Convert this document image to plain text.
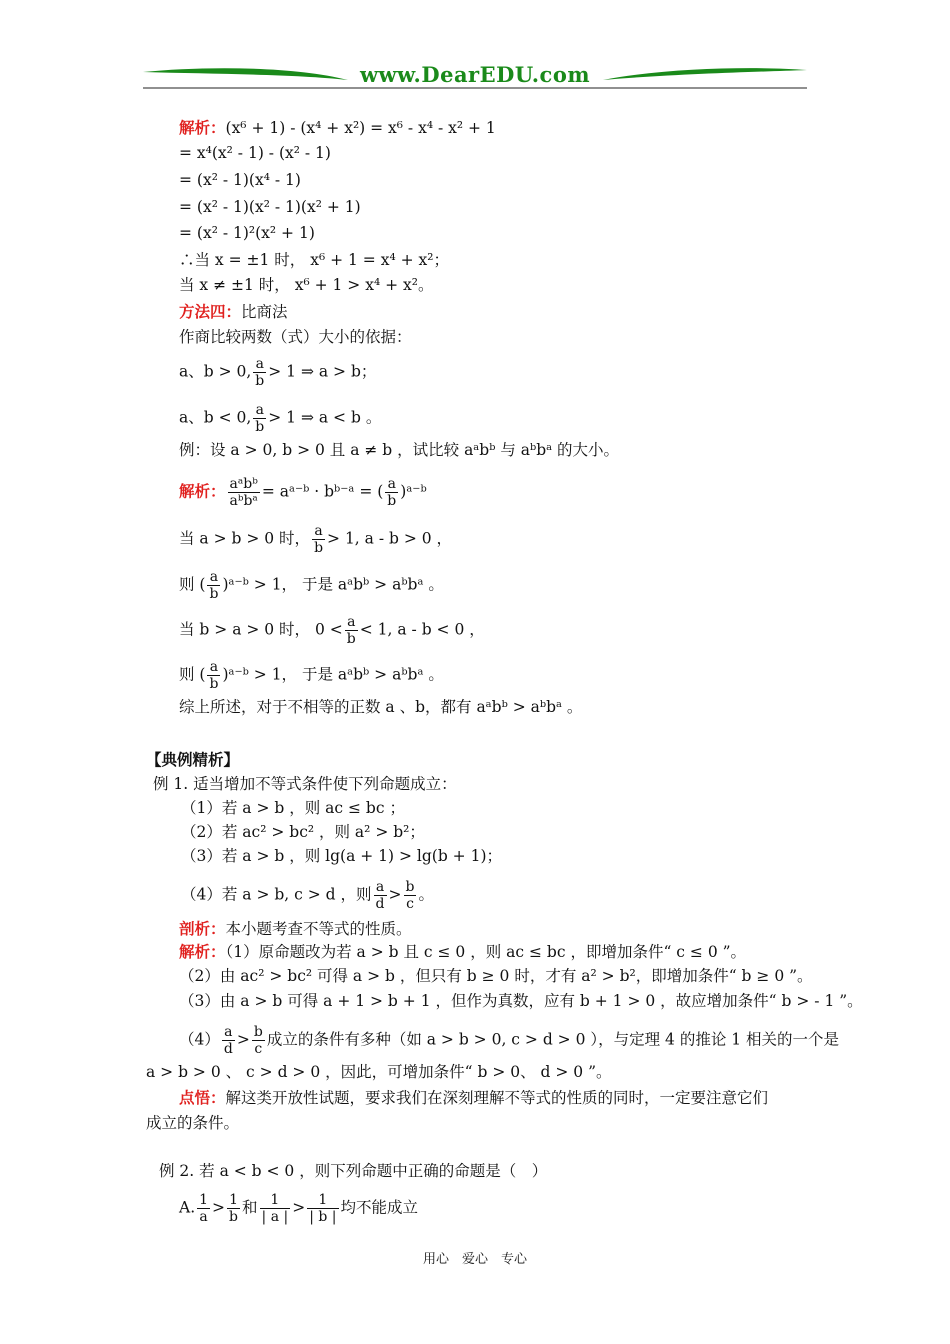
www.DearEDU.com
解析：(x⁶ + 1) - (x⁴ + x²) = x⁶ - x⁴ - x² + 1
= x⁴(x² - 1) - (x² - 1)
= (x² - 1)(x⁴ - 1)
= (x² - 1)(x² - 1)(x² + 1)
= (x² - 1)²(x² + 1)
∴当 x = ±1 时， x⁶ + 1 = x⁴ + x²；
当 x ≠ ±1 时， x⁶ + 1 > x⁴ + x²。
方法四：比商法
作商比较两数（式）大小的依据：
a、b > 0, $\frac{a}{b} > 1$ ⇒ a > b；
a、b < 0, $\frac{a}{b} > 1$ ⇒ a < b 。
例：设 a > 0, b > 0 且 a ≠ b ，试比较 aᵃbᵇ 与 aᵇbᵃ 的大小。
解析： $\frac{\text{aᵃbᵇ}}{\text{aᵇbᵃ}}$ = aᵃ⁻ᵇ · bᵇ⁻ᵃ = ( $\frac{a}{b}$ )ᵃ⁻ᵇ
当 a > b > 0 时， $\frac{a}{b} > 1$, a - b > 0 ，
则 ( $\frac{a}{b}$ )ᵃ⁻ᵇ > 1， 于是 aᵃbᵇ > aᵇbᵃ 。
当 b > a > 0 时， $0 < \frac{a}{b} < 1$, a - b < 0 ，
则 ( $\frac{a}{b}$ )ᵃ⁻ᵇ > 1， 于是 aᵃbᵇ > aᵇbᵃ 。
综上所述，对于不相等的正数 a 、b，都有 aᵃbᵇ > aᵇbᵃ 。
【典例精析】
例 1. 适当增加不等式条件使下列命题成立：
（1）若 a > b ，则 ac ≤ bc ；
（2）若 ac² > bc² ，则 a² > b²；
（3）若 a > b ，则 lg(a + 1) > lg(b + 1)；
（4）若 a > b, c > d ，则 $\frac{a}{d} > \frac{b}{c}$ 。
剖析：本小题考查不等式的性质。
解析：（1）原命题改为若 a > b 且 c ≤ 0 ，则 ac ≤ bc ，即增加条件“ c ≤ 0 ”。
（2）由 ac² > bc² 可得 a > b ，但只有 b ≥ 0 时，才有 a² > b²，即增加条件“ b ≥ 0 ”。
（3）由 a > b 可得 a + 1 > b + 1 ，但作为真数，应有 b + 1 > 0 ，故应增加条件“ b > - 1 ”。
$(4) \frac{a}{d} > \frac{b}{c}$ 成立的条件有多种（如 a > b > 0, c > d > 0 ），与定理 4 的推论 1 相关的一个是
a > b > 0 、 c > d > 0 ，因此，可增加条件“ b > 0、 d > 0 ”。
点悟：解这类开放性试题，要求我们在深刻理解不等式的性质的同时，一定要注意它们
成立的条件。
例 2. 若 a < b < 0 ，则下列命题中正确的命题是（　）
A. $\frac{1}{a} > \frac{1}{b}$ 和 $\frac{1}{| a |} > \frac{1}{| b |}$ 均不能成立
用心　爱心　专心
